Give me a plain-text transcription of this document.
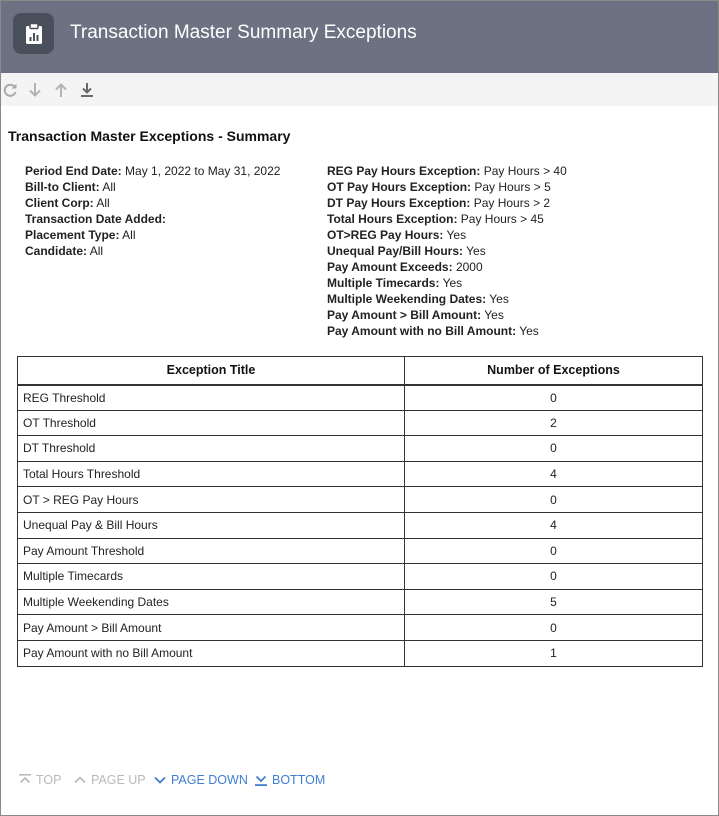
Transaction Master Summary Exceptions
Transaction Master Exceptions - Summary
Period End Date: May 1, 2022 to May 31, 2022
Bill-to Client: All
Client Corp: All
Transaction Date Added:
Placement Type: All
Candidate: All
REG Pay Hours Exception: Pay Hours > 40
OT Pay Hours Exception: Pay Hours > 5
DT Pay Hours Exception: Pay Hours > 2
Total Hours Exception: Pay Hours > 45
OT>REG Pay Hours: Yes
Unequal Pay/Bill Hours: Yes
Pay Amount Exceeds: 2000
Multiple Timecards: Yes
Multiple Weekending Dates: Yes
Pay Amount > Bill Amount: Yes
Pay Amount with no Bill Amount: Yes
Exception Title	Number of Exceptions
REG Threshold	0
OT Threshold	2
DT Threshold	0
Total Hours Threshold	4
OT > REG Pay Hours	0
Unequal Pay & Bill Hours	4
Pay Amount Threshold	0
Multiple Timecards	0
Multiple Weekending Dates	5
Pay Amount > Bill Amount	0
Pay Amount with no Bill Amount	1
TOP PAGE UP PAGE DOWN BOTTOM
